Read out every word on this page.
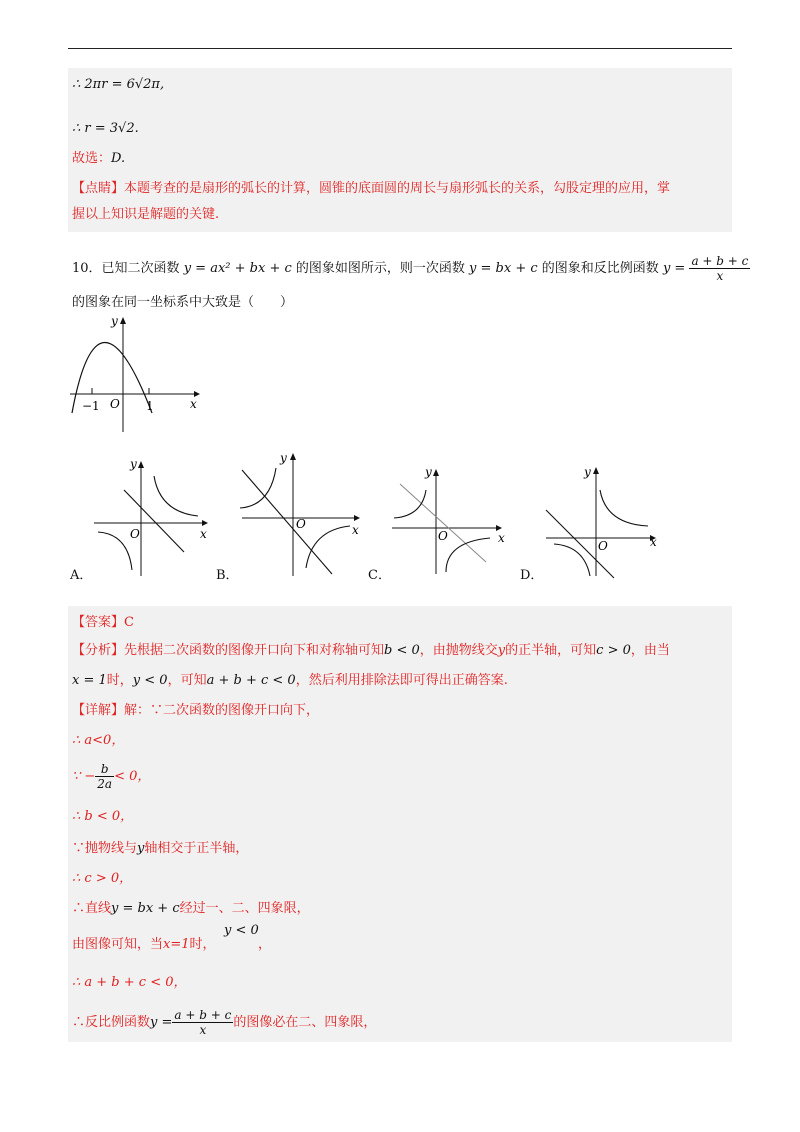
∴ 2πr = 6√2π,
∴ r = 3√2.
故选：D.
【点睛】本题考查的是扇形的弧长的计算，圆锥的底面圆的周长与扇形弧长的关系，勾股定理的应用，掌
握以上知识是解题的关键.
10．已知二次函数 y = ax² + bx + c 的图象如图所示，则一次函数 y = bx + c 的图象和反比例函数 $y = \frac{a + b + c}{x}$
的图象在同一坐标系中大致是（　　）
y
x
O
−1	1
y
x
O
A．
y
x
O
B．
y
x
O
C．
y
x
O
D．
【答案】C
【分析】先根据二次函数的图像开口向下和对称轴可知b < 0，由抛物线交y的正半轴，可知c > 0，由当
x = 1时，y < 0，可知a + b + c < 0，然后利用排除法即可得出正确答案.
【详解】解：∵二次函数的图像开口向下，
∴ a<0，
∵ − $\frac{b}{2a} < 0$，
∴ b < 0，
∵抛物线与y轴相交于正半轴，
∴ c > 0，
∴直线y = bx + c经过一、二、四象限，
由图像可知，当x=1时，
y < 0
，
∴ a + b + c < 0，
∴反比例函数$y = \frac{a + b + c}{x}$ 的图像必在二、四象限，
